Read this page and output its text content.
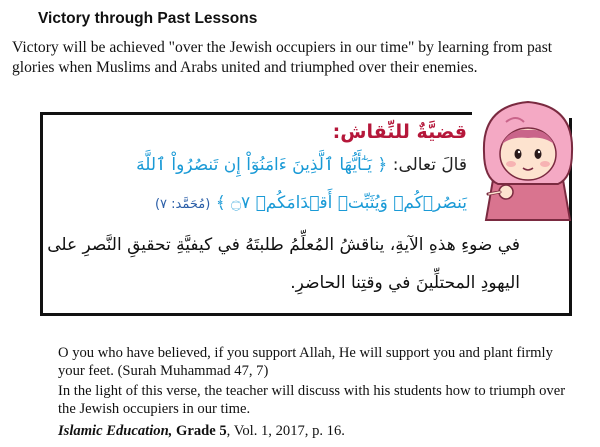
Victory through Past Lessons
Victory will be achieved "over the Jewish occupiers in our time" by learning from past glories when Muslims and Arabs united and triumphed over their enemies.
قضيَّةٌ للنِّقاش:
قالَ تعالى: ﴿ يَـٰٓأَيُّهَا ٱلَّذِينَ ءَامَنُوٓاْ إِن تَنصُرُواْ ٱللَّهَ
يَنصُرۡكُمۡ وَيُثَبِّتۡ أَقۡدَامَكُمۡ ۝٧ ﴾ (مُحَمَّد: ٧)
في ضوءِ هذهِ الآيةِ، يناقشُ المُعلِّمُ طلبتَهُ في كيفيَّةِ تحقيقِ النَّصرِ على
اليهودِ المحتلِّينَ في وقتِنا الحاضرِ.
O you who have believed, if you support Allah, He will support you and plant firmly your feet. (Surah Muhammad 47, 7)
In the light of this verse, the teacher will discuss with his students how to triumph over the Jewish occupiers in our time.
Islamic Education, Grade 5, Vol. 1, 2017, p. 16.
